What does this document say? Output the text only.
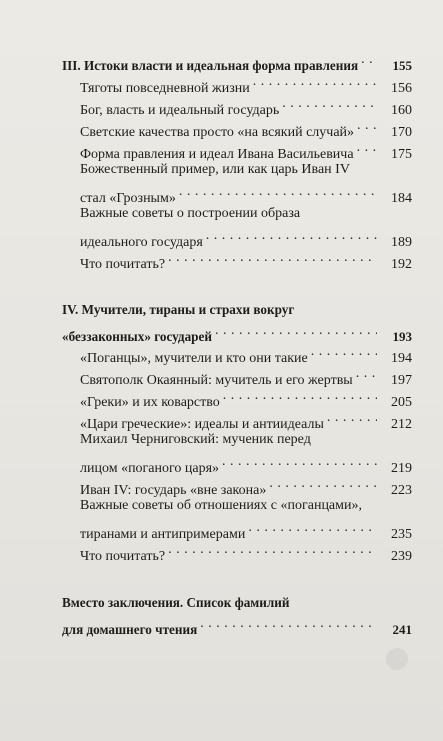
III. Истоки власти и идеальная форма правления . . .	155
Тяготы повседневной жизни . . .	156
Бог, власть и идеальный государь . . .	160
Светские качества просто «на всякий случай» . . .	170
Форма правления и идеал Ивана Васильевича . . .	175
Божественный пример, или как царь Иван IV
стал «Грозным» . . .	184
Важные советы о построении образа
идеального государя . . .	189
Что почитать? . . .	192
IV. Мучители, тираны и страхи вокруг
«беззаконных» государей . . .	193
«Поганцы», мучители и кто они такие . . .	194
Святополк Окаянный: мучитель и его жертвы . . .	197
«Греки» и их коварство . . .	205
«Цари греческие»: идеалы и антиидеалы . . .	212
Михаил Черниговский: мученик перед
лицом «поганого царя» . . .	219
Иван IV: государь «вне закона» . . .	223
Важные советы об отношениях с «поганцами»,
тиранами и антипримерами . . .	235
Что почитать? . . .	239
Вместо заключения. Список фамилий
для домашнего чтения . . .	241
